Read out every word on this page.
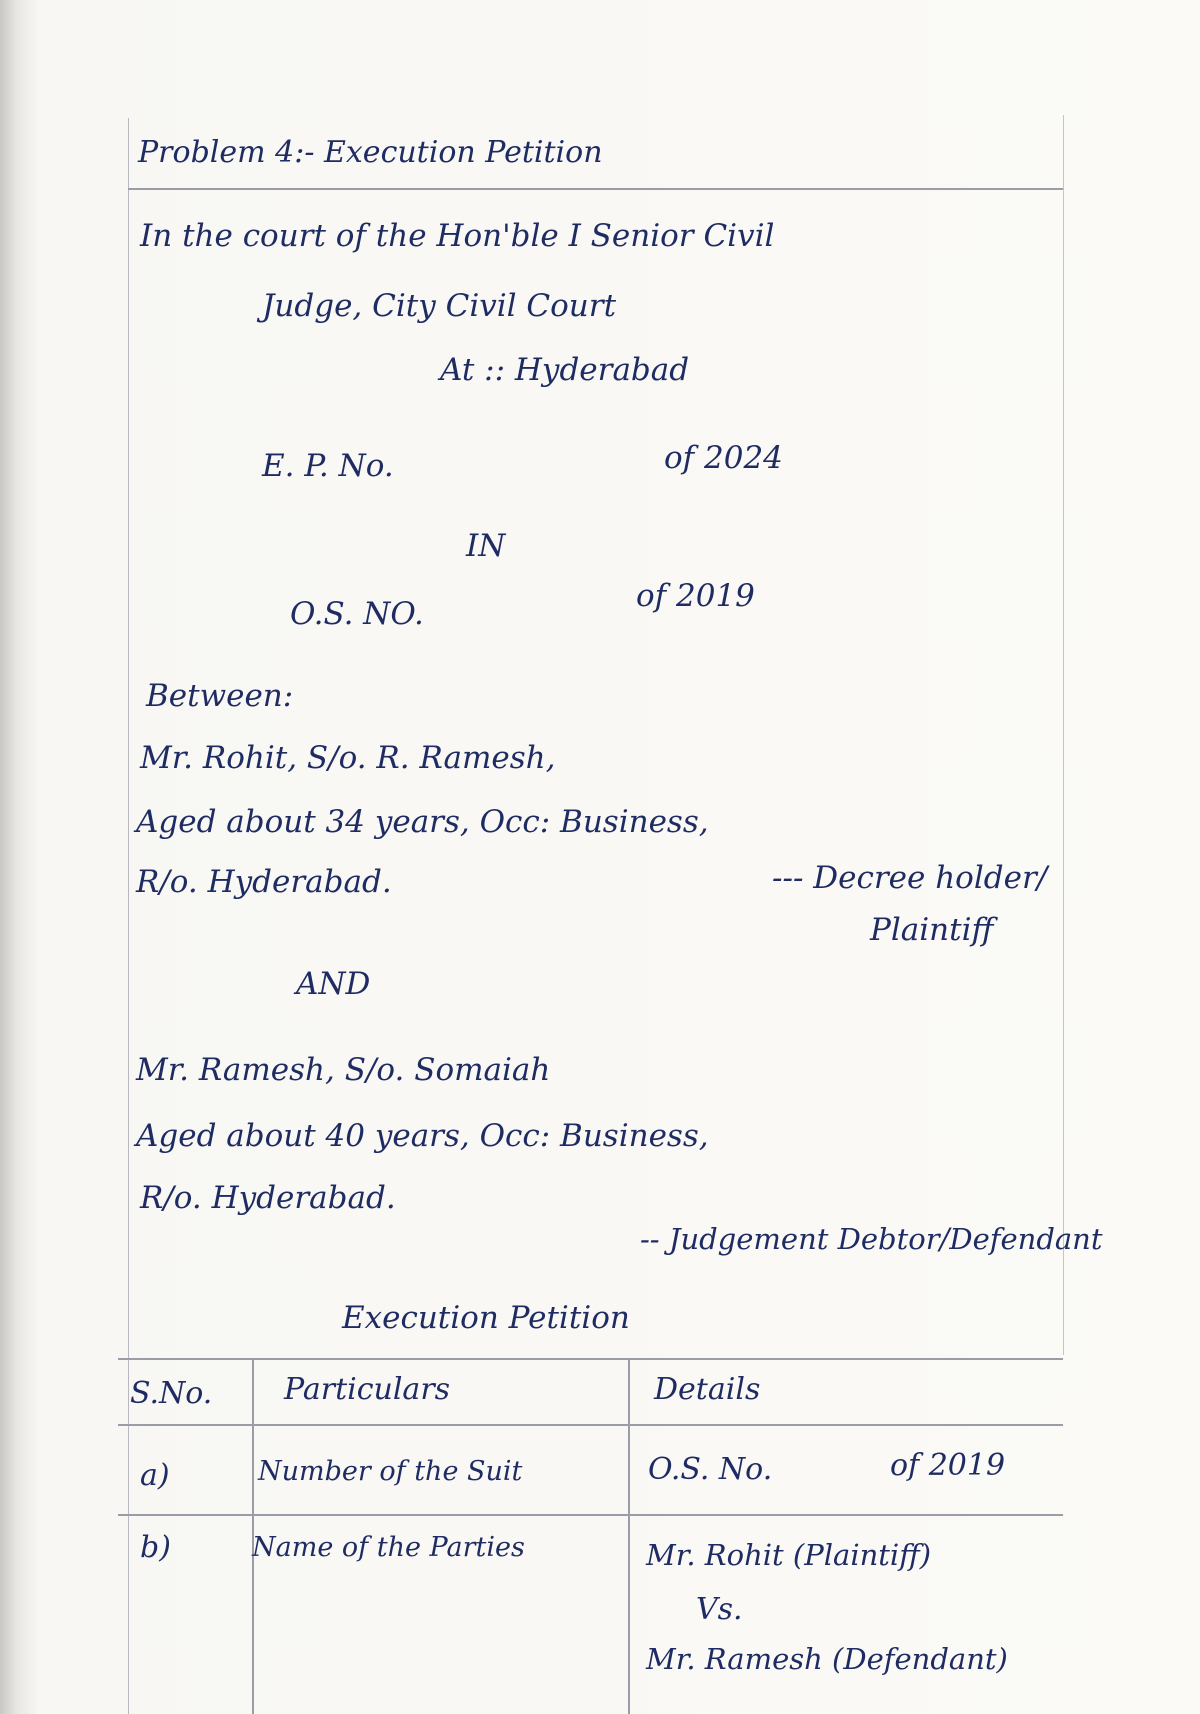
Problem 4:- Execution Petition
In the court of the Hon'ble I Senior Civil
Judge, City Civil Court
At :: Hyderabad
E. P. No.	of 2024
IN
O.S. NO.	of 2019
Between:
Mr. Rohit, S/o. R. Ramesh,
Aged about 34 years, Occ: Business,
R/o. Hyderabad.	--- Decree holder/
Plaintiff
AND
Mr. Ramesh, S/o. Somaiah
Aged about 40 years, Occ: Business,
R/o. Hyderabad.
-- Judgement Debtor/Defendant
Execution Petition
S.No. Particulars	Details
a)	Number of the Suit	O.S. No.	of 2019
b)	Name of the Parties	Mr. Rohit (Plaintiff)
Vs.
Mr. Ramesh (Defendant)
